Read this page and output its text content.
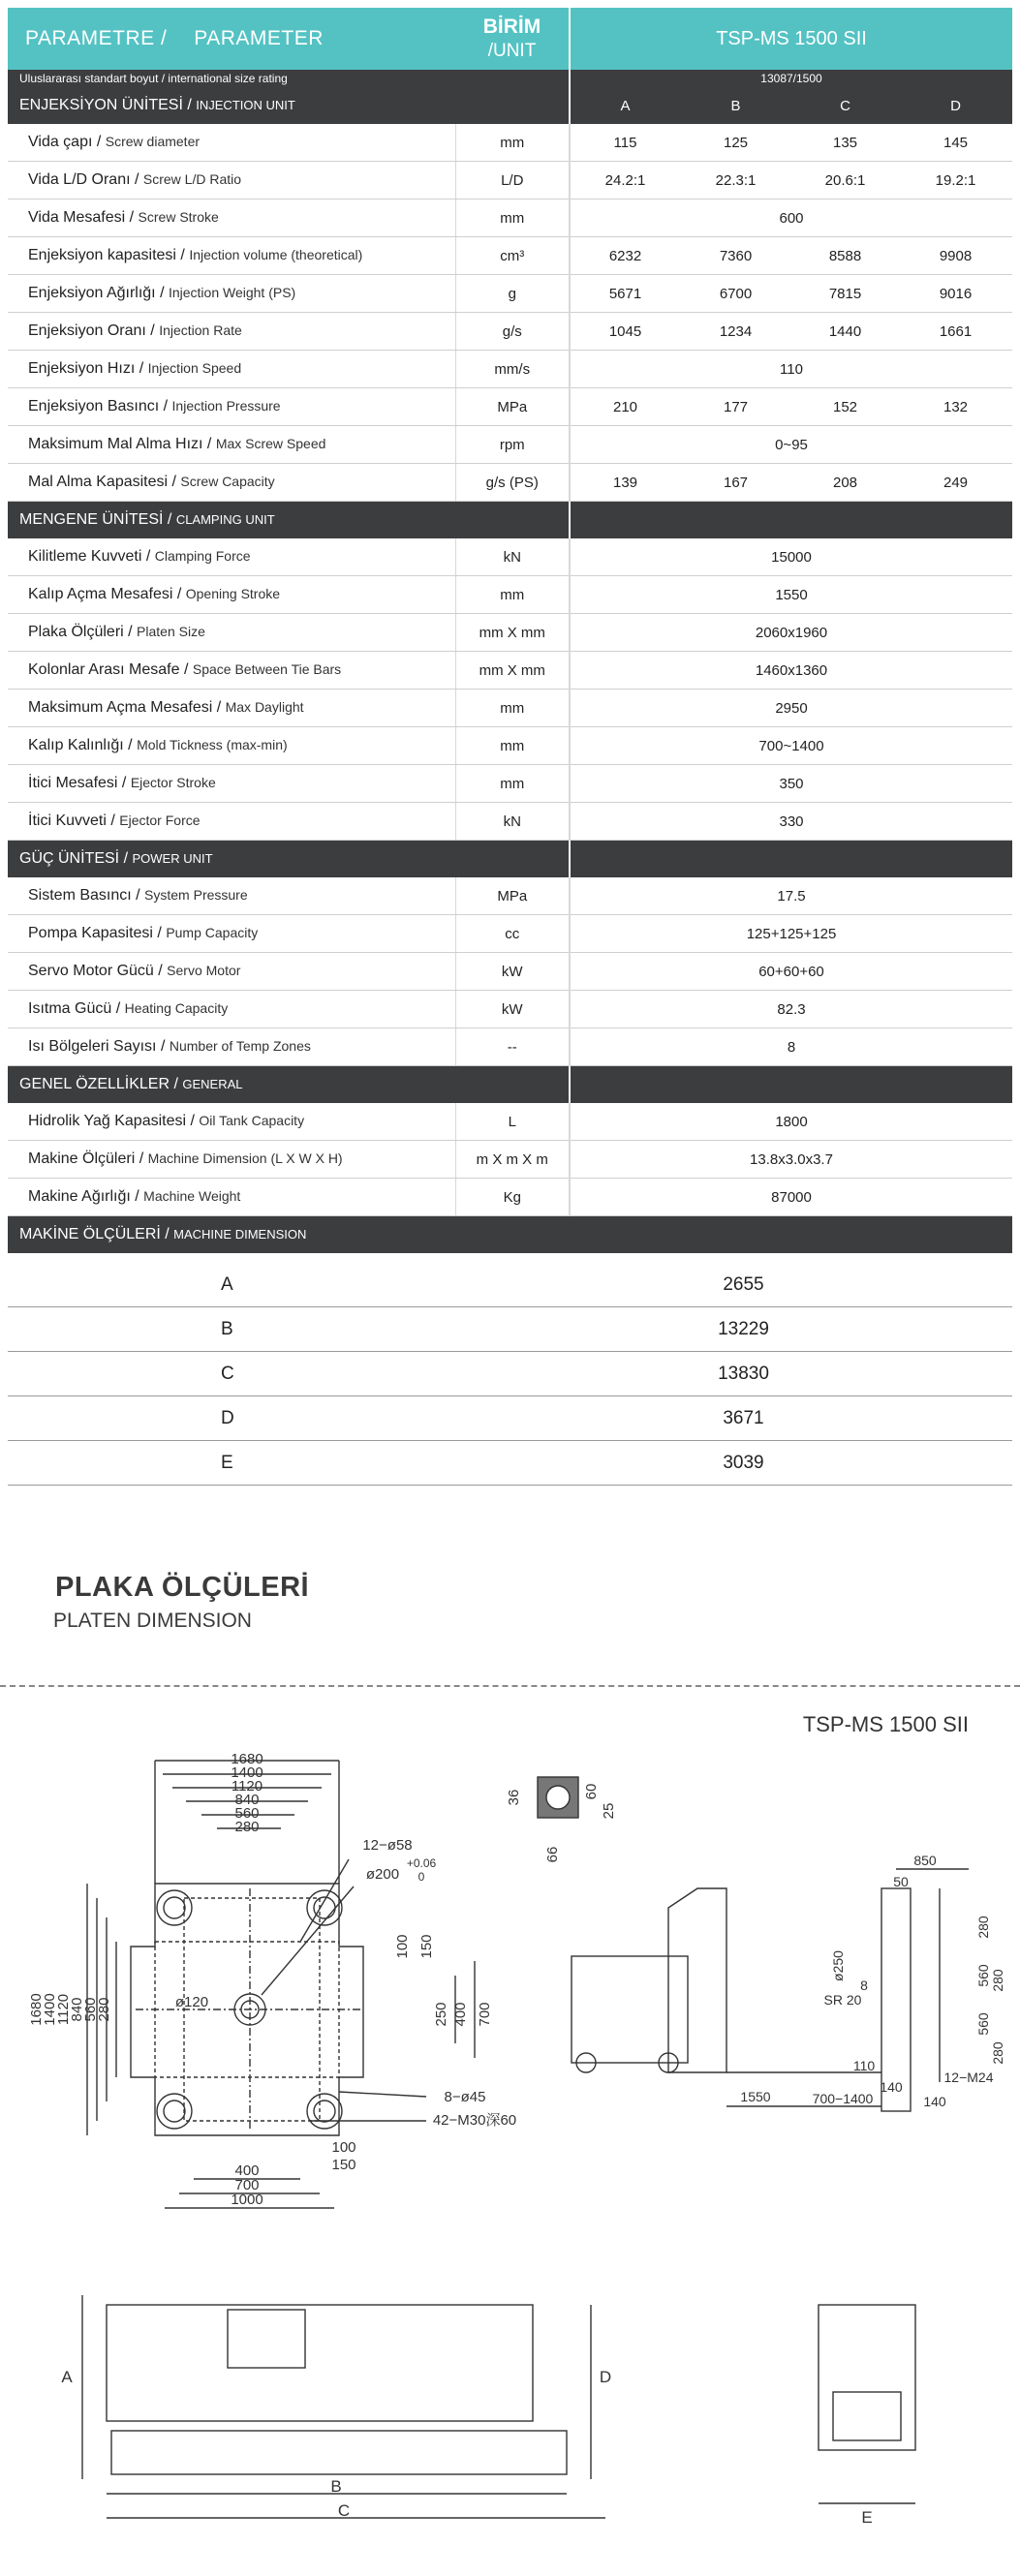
PARAMETRE / PARAMETER	BİRİM
/UNIT	TSP-MS 1500 SII			
Uluslararası standart boyut / international size rating		13087/1500			
ENJEKSİYON ÜNİTESİ / INJECTION UNIT		A	B	C	D
Vida çapı / Screw diameter	mm	115	125	135	145
Vida L/D Oranı / Screw L/D Ratio	L/D	24.2:1	22.3:1	20.6:1	19.2:1
Vida Mesafesi / Screw Stroke	mm	600			
Enjeksiyon kapasitesi / Injection volume (theoretical)	cm³	6232	7360	8588	9908
Enjeksiyon Ağırlığı / Injection Weight (PS)	g	5671	6700	7815	9016
Enjeksiyon Oranı / Injection Rate	g/s	1045	1234	1440	1661
Enjeksiyon Hızı / Injection Speed	mm/s	110			
Enjeksiyon Basıncı / Injection Pressure	MPa	210	177	152	132
Maksimum Mal Alma Hızı / Max Screw Speed	rpm	0~95			
Mal Alma Kapasitesi / Screw Capacity	g/s (PS)	139	167	208	249
MENGENE ÜNİTESİ / CLAMPING UNIT					
Kilitleme Kuvveti / Clamping Force	kN	15000			
Kalıp Açma Mesafesi / Opening Stroke	mm	1550			
Plaka Ölçüleri / Platen Size	mm X mm	2060x1960			
Kolonlar Arası Mesafe / Space Between Tie Bars	mm X mm	1460x1360			
Maksimum Açma Mesafesi / Max Daylight	mm	2950			
Kalıp Kalınlığı / Mold Tickness (max-min)	mm	700~1400			
İtici Mesafesi / Ejector Stroke	mm	350			
İtici Kuvveti / Ejector Force	kN	330			
GÜÇ ÜNİTESİ / POWER UNIT					
Sistem Basıncı / System Pressure	MPa	17.5			
Pompa Kapasitesi / Pump Capacity	cc	125+125+125			
Servo Motor Gücü / Servo Motor	kW	60+60+60			
Isıtma Gücü / Heating Capacity	kW	82.3			
Isı Bölgeleri Sayısı / Number of Temp Zones	--	8			
GENEL ÖZELLİKLER / GENERAL					
Hidrolik Yağ Kapasitesi / Oil Tank Capacity	L	1800			
Makine Ölçüleri / Machine Dimension (L X W X H)	m X m X m	13.8x3.0x3.7			
Makine Ağırlığı / Machine Weight	Kg	87000			
MAKİNE ÖLÇÜLERİ / MACHINE DIMENSION					
A	2655
B	13229
C	13830
D	3671
E	3039
PLAKA ÖLÇÜLERİ
PLATEN DIMENSION
TSP-MS 1500 SII
1680
1400
1120
840
560
280
12−ø58
ø200
+0.06
0
ø120
8−ø45
42−M30深60
1680
1400
1120
840
560
280
100 150
250 400 700
100
150
400
700
1000
36	60
25
66	850
50
280
560 280
560
280
ø250
SR 20
8
12−M24
110
140
140
1550	700−1400
A
B
C
D
E
